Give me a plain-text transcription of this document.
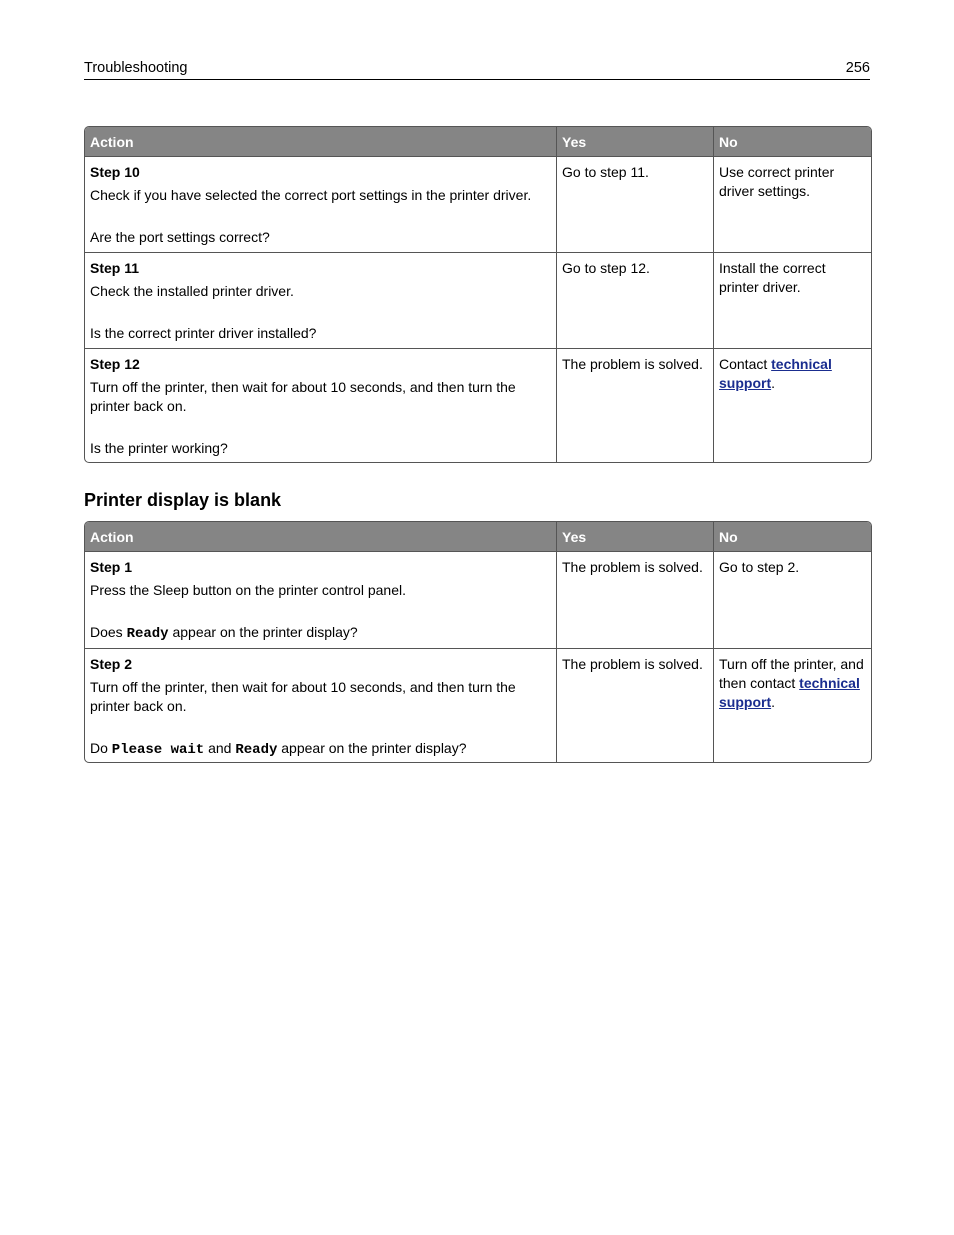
Troubleshooting	256
Action	Yes	No
Step 10
Check if you have selected the correct port settings in the printer driver.
Are the port settings correct?
Go to step 11.	Use correct printer driver settings.
Step 11
Check the installed printer driver.
Is the correct printer driver installed?
Go to step 12.	Install the correct printer driver.
Step 12
Turn off the printer, then wait for about 10 seconds, and then turn the printer back on.
Is the printer working?
The problem is solved.	Contact technical support.
Printer display is blank
Action	Yes	No
Step 1
Press the Sleep button on the printer control panel.
Does Ready appear on the printer display?
The problem is solved.	Go to step 2.
Step 2
Turn off the printer, then wait for about 10 seconds, and then turn the printer back on.
Do Please wait and Ready appear on the printer display?
The problem is solved.	Turn off the printer, and then contact technical support.
